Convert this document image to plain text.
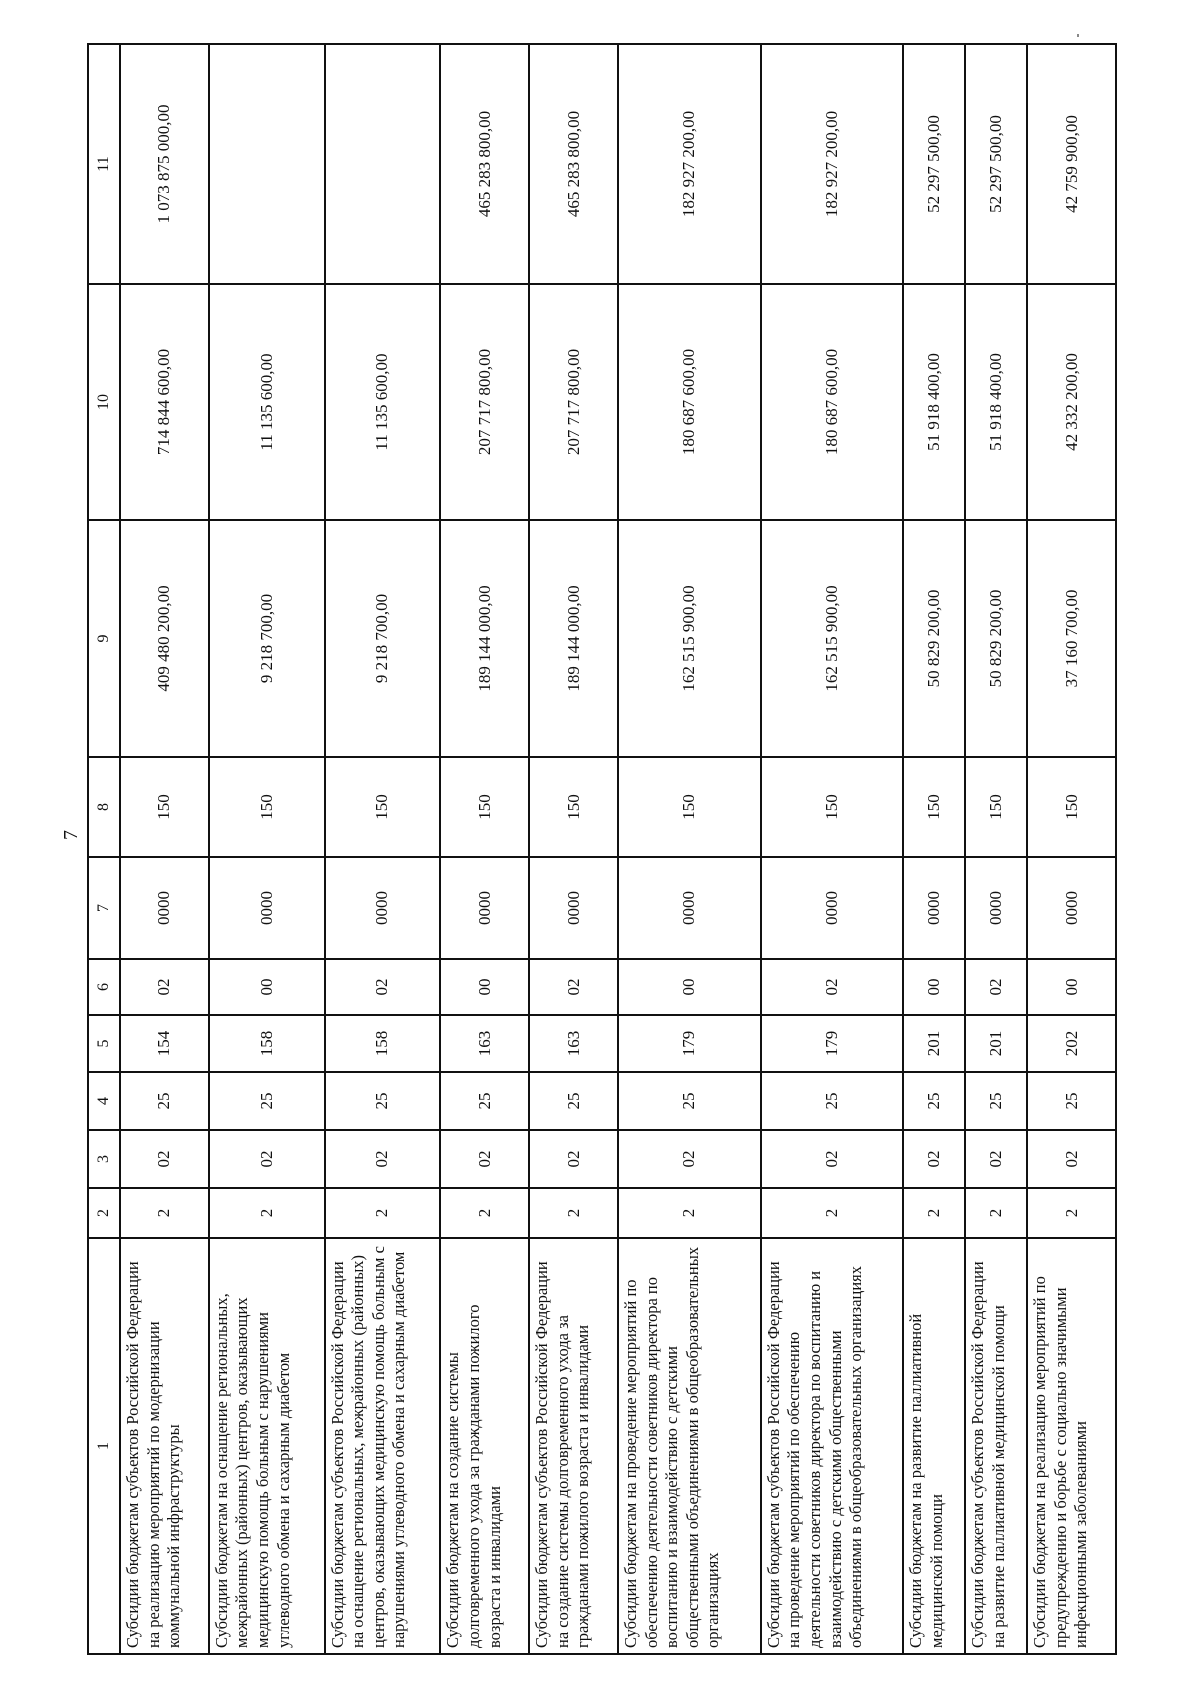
7
1	2	3	4	5	6	7	8	9	10	11
Субсидии бюджетам субъектов Российской Федерации на реализацию мероприятий по модернизации коммунальной инфраструктуры	2	02	25	154	02	0000	150	409 480 200,00	714 844 600,00	1 073 875 000,00
Субсидии бюджетам на оснащение региональных, межрайонных (районных) центров, оказывающих медицинскую помощь больным с нарушениями углеводного обмена и сахарным диабетом	2	02	25	158	00	0000	150	9 218 700,00	11 135 600,00	
Субсидии бюджетам субъектов Российской Федерации на оснащение региональных, межрайонных (районных) центров, оказывающих медицинскую помощь больным с нарушениями углеводного обмена и сахарным диабетом	2	02	25	158	02	0000	150	9 218 700,00	11 135 600,00	
Субсидии бюджетам на создание системы долговременного ухода за гражданами пожилого возраста и инвалидами	2	02	25	163	00	0000	150	189 144 000,00	207 717 800,00	465 283 800,00
Субсидии бюджетам субъектов Российской Федерации на создание системы долговременного ухода за гражданами пожилого возраста и инвалидами	2	02	25	163	02	0000	150	189 144 000,00	207 717 800,00	465 283 800,00
Субсидии бюджетам на проведение мероприятий по обеспечению деятельности советников директора по воспитанию и взаимодействию с детскими общественными объединениями в общеобразовательных организациях	2	02	25	179	00	0000	150	162 515 900,00	180 687 600,00	182 927 200,00
Субсидии бюджетам субъектов Российской Федерации на проведение мероприятий по обеспечению деятельности советников директора по воспитанию и взаимодействию с детскими общественными объединениями в общеобразовательных организациях	2	02	25	179	02	0000	150	162 515 900,00	180 687 600,00	182 927 200,00
Субсидии бюджетам на развитие паллиативной медицинской помощи	2	02	25	201	00	0000	150	50 829 200,00	51 918 400,00	52 297 500,00
Субсидии бюджетам субъектов Российской Федерации на развитие паллиативной медицинской помощи	2	02	25	201	02	0000	150	50 829 200,00	51 918 400,00	52 297 500,00
Субсидии бюджетам на реализацию мероприятий по предупреждению и борьбе с социально значимыми инфекционными заболеваниями	2	02	25	202	00	0000	150	37 160 700,00	42 332 200,00	42 759 900,00
